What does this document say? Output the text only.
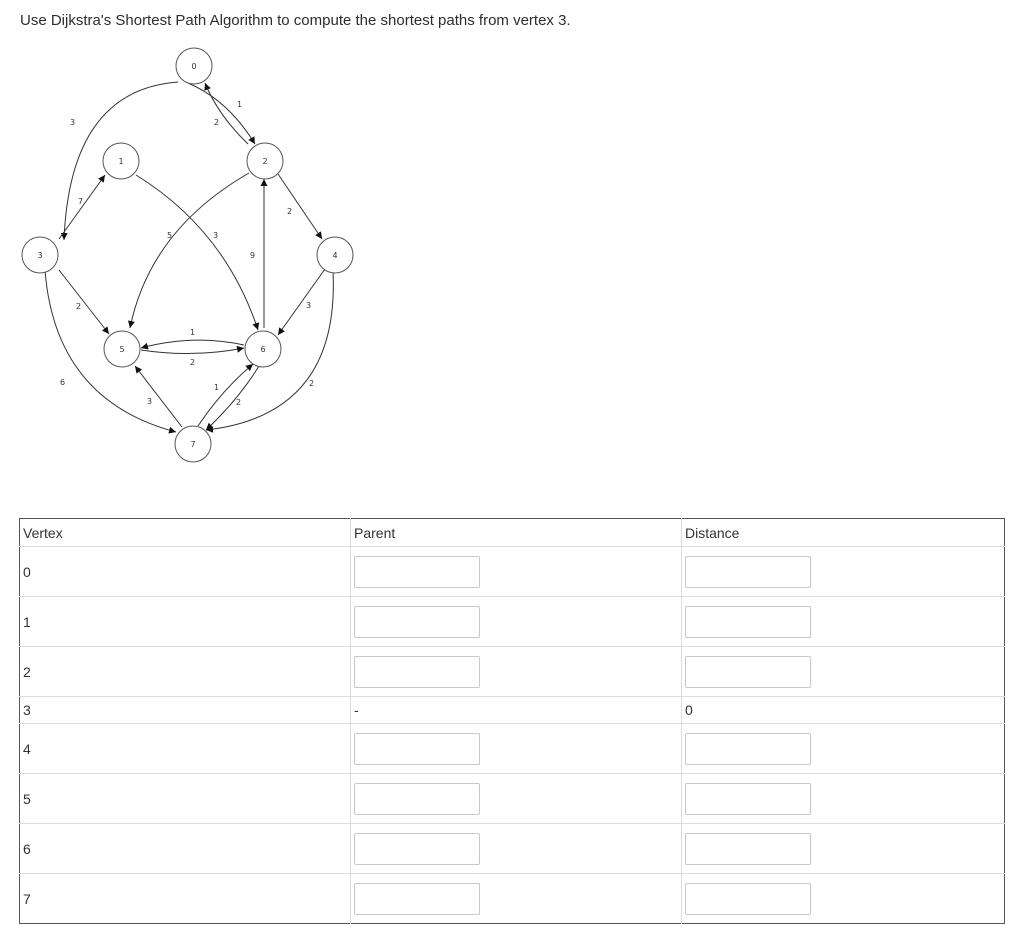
Use Dijkstra's Shortest Path Algorithm to compute the shortest paths from vertex 3.

1
2
3
7
2
5	3
9
3
2
1
2
6
3
1
2
2
0
1	2
3	4
5	6
7
Vertex	Parent	Distance
0	

1	

2	

3	-	0
4	

5	

6	

7	
